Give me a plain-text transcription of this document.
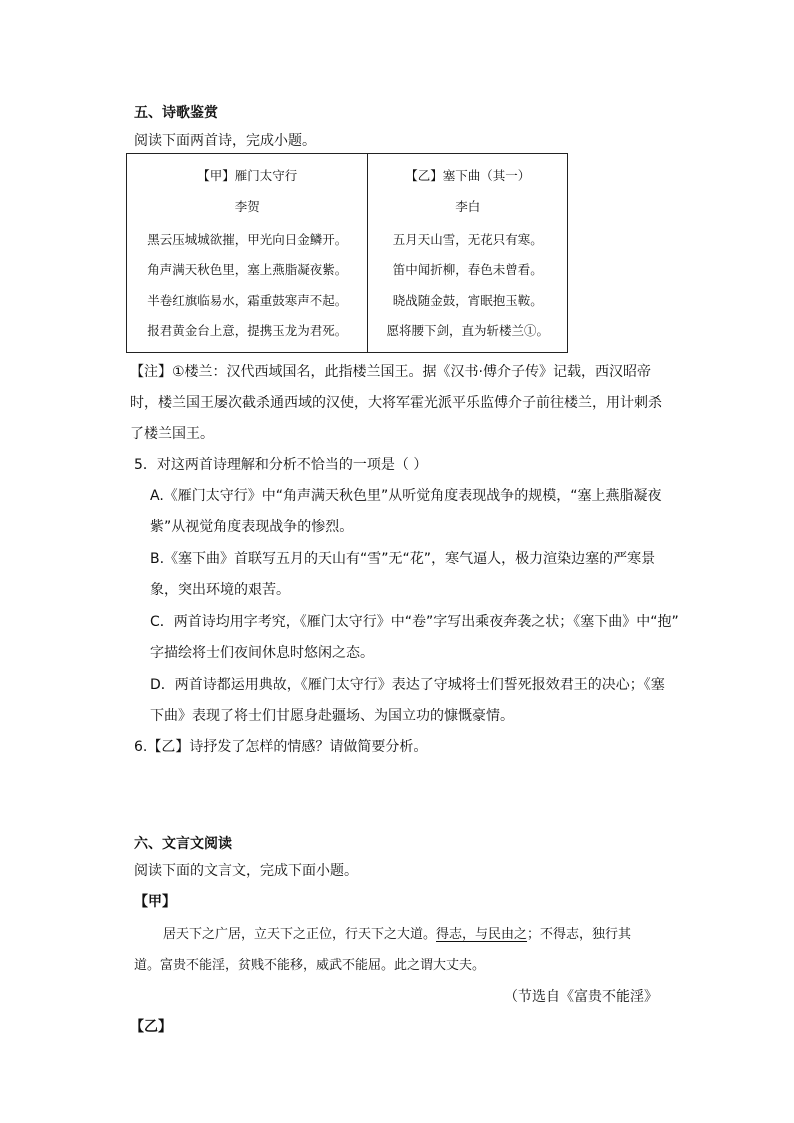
五、诗歌鉴赏
阅读下面两首诗，完成小题。
【甲】雁门太守行
李贺
黑云压城城欲摧，甲光向日金鳞开。
角声满天秋色里，塞上燕脂凝夜紫。
半卷红旗临易水，霜重鼓寒声不起。
报君黄金台上意，提携玉龙为君死。

【乙】塞下曲（其一）
李白
五月天山雪，无花只有寒。
笛中闻折柳，春色未曾看。
晓战随金鼓，宵眠抱玉鞍。
愿将腰下剑，直为斩楼兰①。
【注】①楼兰：汉代西域国名，此指楼兰国王。据《汉书·傅介子传》记载，西汉昭帝
时，楼兰国王屡次截杀通西域的汉使，大将军霍光派平乐监傅介子前往楼兰，用计刺杀
了楼兰国王。
5．对这两首诗理解和分析不恰当的一项是（ ）
A.《雁门太守行》中“角声满天秋色里”从听觉角度表现战争的规模，“塞上燕脂凝夜
紫”从视觉角度表现战争的惨烈。
B.《塞下曲》首联写五月的天山有“雪”无“花”，寒气逼人，极力渲染边塞的严寒景
象，突出环境的艰苦。
C．两首诗均用字考究，《雁门太守行》中“卷”字写出乘夜奔袭之状；《塞下曲》中“抱”
字描绘将士们夜间休息时悠闲之态。
D．两首诗都运用典故，《雁门太守行》表达了守城将士们誓死报效君王的决心；《塞
下曲》表现了将士们甘愿身赴疆场、为国立功的慷慨豪情。
6.【乙】诗抒发了怎样的情感？请做简要分析。
六、文言文阅读
阅读下面的文言文，完成下面小题。
【甲】
居天下之广居，立天下之正位，行天下之大道。得志，与民由之；不得志，独行其
道。富贵不能淫，贫贱不能移，威武不能屈。此之谓大丈夫。
（节选自《富贵不能淫》
【乙】
